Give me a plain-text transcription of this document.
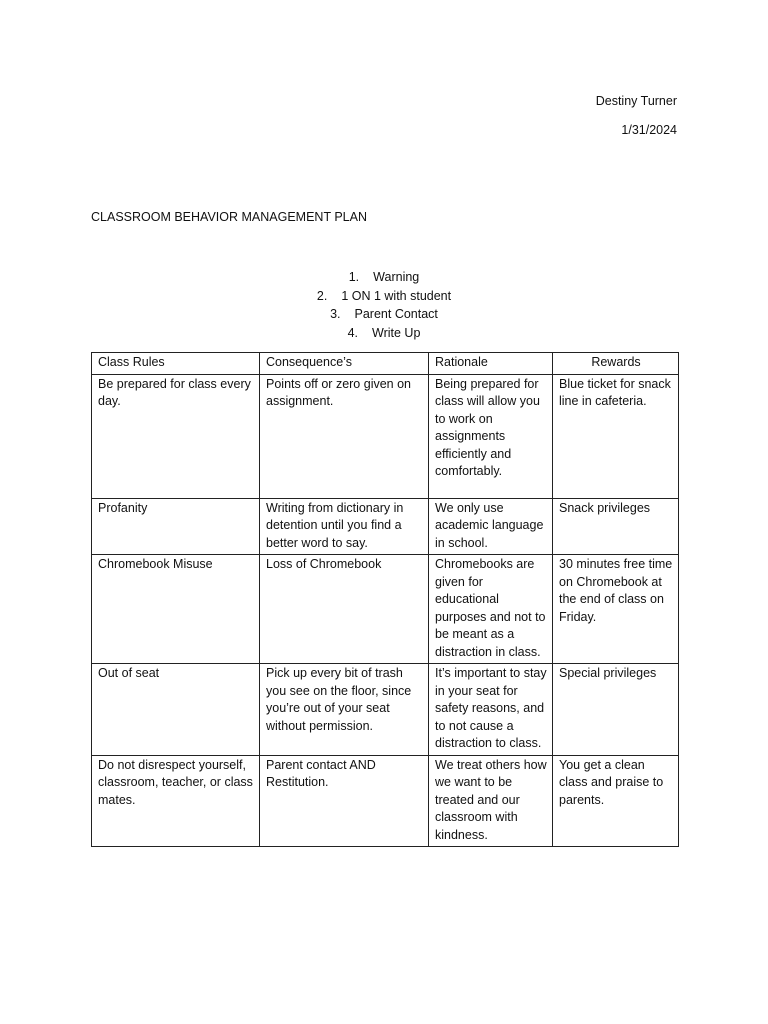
Destiny Turner
1/31/2024
CLASSROOM BEHAVIOR MANAGEMENT PLAN
1. Warning
2. 1 ON 1 with student
3. Parent Contact
4. Write Up
Class Rules	Consequence’s	Rationale	Rewards
Be prepared for class every day.	Points off or zero given on assignment.	Being prepared for class will allow you to work on assignments efficiently and comfortably.	Blue ticket for snack line in cafeteria.
Profanity	Writing from dictionary in detention until you find a better word to say.	We only use academic language in school.	Snack privileges
Chromebook Misuse	Loss of Chromebook	Chromebooks are given for educational purposes and not to be meant as a distraction in class.	30 minutes free time on Chromebook at the end of class on Friday.
Out of seat	Pick up every bit of trash you see on the floor, since you’re out of your seat without permission.	It’s important to stay in your seat for safety reasons, and to not cause a distraction to class.	Special privileges
Do not disrespect yourself, classroom, teacher, or class mates.	Parent contact AND Restitution.	We treat others how we want to be treated and our classroom with kindness.	You get a clean class and praise to parents.
